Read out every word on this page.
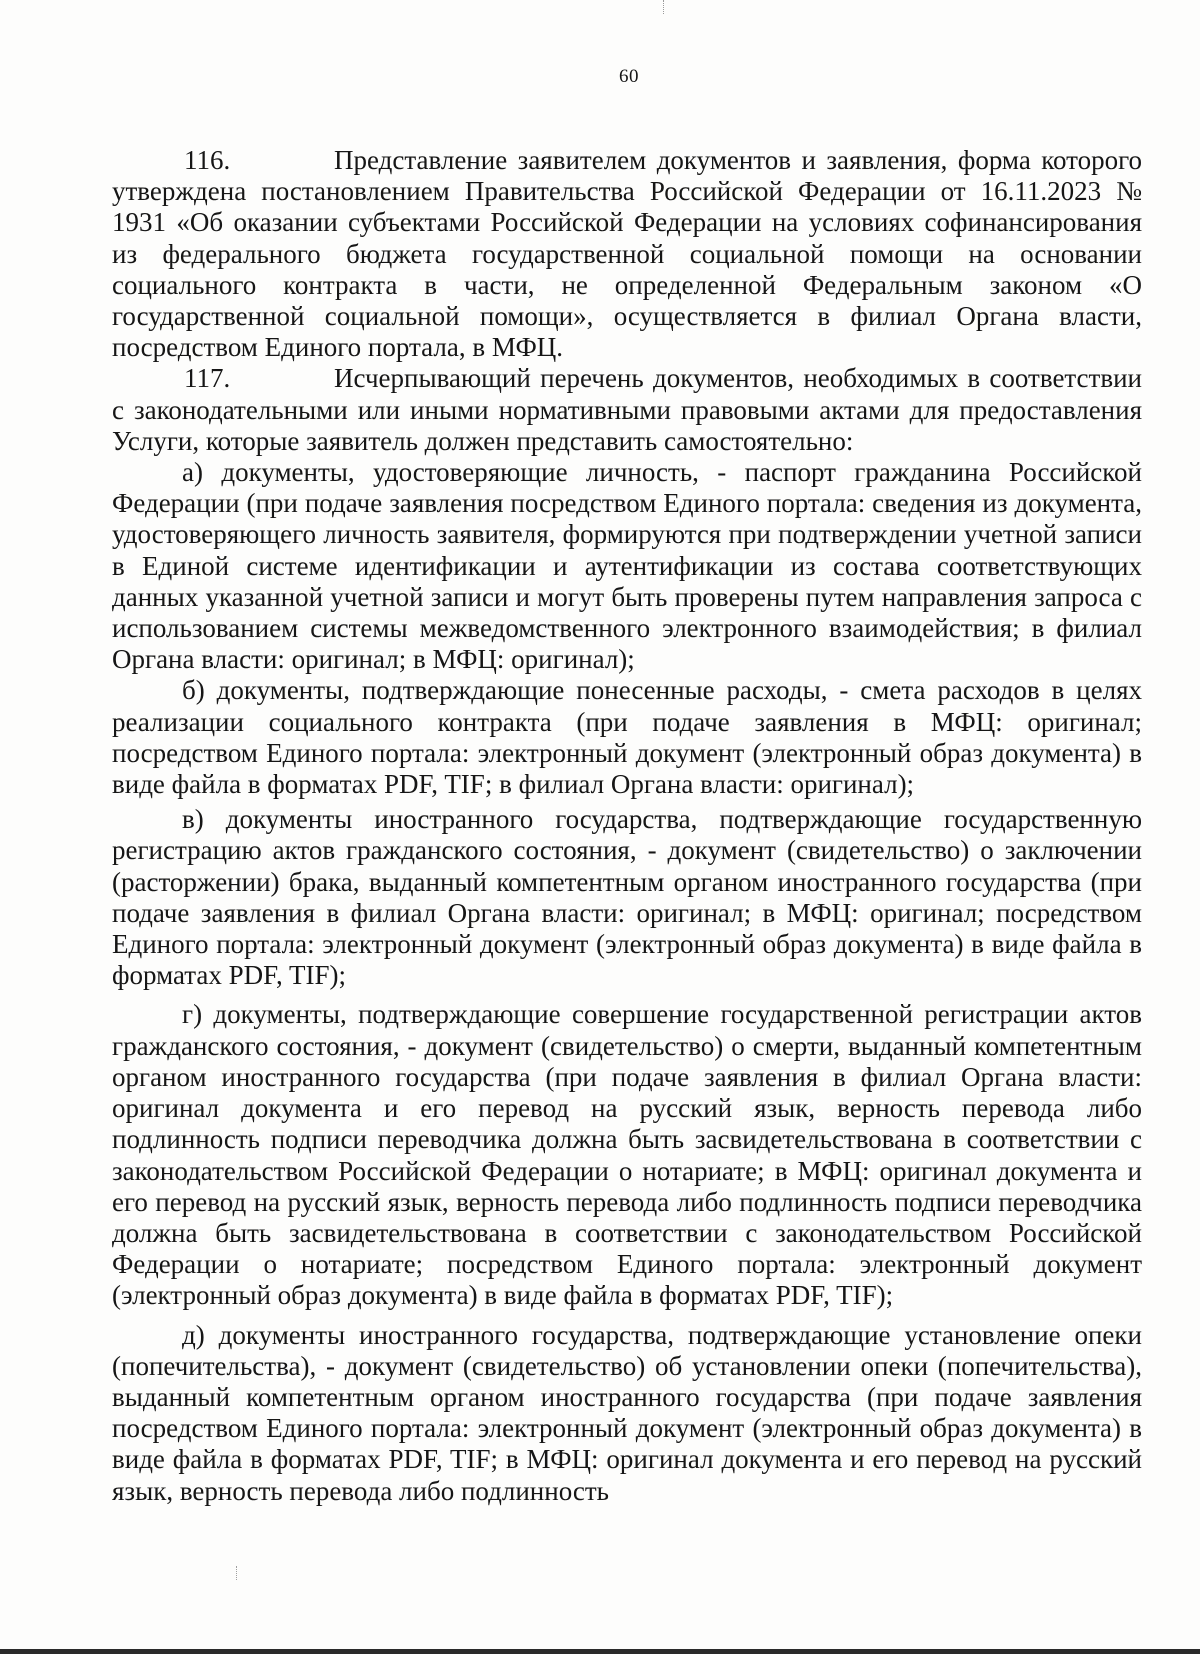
60

116.	Представление заявителем документов и заявления, форма которого утверждена постановлением Правительства Российской Федерации от 16.11.2023 № 1931 «Об оказании субъектами Российской Федерации на условиях софинансирования из федерального бюджета государственной социальной помощи на основании социального контракта в части, не определенной Федеральным законом «О государственной социальной помощи», осуществляется в филиал Органа власти, посредством Единого портала, в МФЦ.

117.	Исчерпывающий перечень документов, необходимых в соответствии с законодательными или иными нормативными правовыми актами для предоставления Услуги, которые заявитель должен представить самостоятельно:

а) документы, удостоверяющие личность, - паспорт гражданина Российской Федерации (при подаче заявления посредством Единого портала: сведения из документа, удостоверяющего личность заявителя, формируются при подтверждении учетной записи в Единой системе идентификации и аутентификации из состава соответствующих данных указанной учетной записи и могут быть проверены путем направления запроса с использованием системы межведомственного электронного взаимодействия; в филиал Органа власти: оригинал; в МФЦ: оригинал);

б) документы, подтверждающие понесенные расходы, - смета расходов в целях реализации социального контракта (при подаче заявления в МФЦ: оригинал; посредством Единого портала: электронный документ (электронный образ документа) в виде файла в форматах PDF, TIF; в филиал Органа власти: оригинал);

в) документы иностранного государства, подтверждающие государственную регистрацию актов гражданского состояния, - документ (свидетельство) о заключении (расторжении) брака, выданный компетентным органом иностранного государства (при подаче заявления в филиал Органа власти: оригинал; в МФЦ: оригинал; посредством Единого портала: электронный документ (электронный образ документа) в виде файла в форматах PDF, TIF);

г) документы, подтверждающие совершение государственной регистрации актов гражданского состояния, - документ (свидетельство) о смерти, выданный компетентным органом иностранного государства (при подаче заявления в филиал Органа власти: оригинал документа и его перевод на русский язык, верность перевода либо подлинность подписи переводчика должна быть засвидетельствована в соответствии с законодательством Российской Федерации о нотариате; в МФЦ: оригинал документа и его перевод на русский язык, верность перевода либо подлинность подписи переводчика должна быть засвидетельствована в соответствии с законодательством Российской Федерации о нотариате; посредством Единого портала: электронный документ (электронный образ документа) в виде файла в форматах PDF, TIF);

д) документы иностранного государства, подтверждающие установление опеки (попечительства), - документ (свидетельство) об установлении опеки (попечительства), выданный компетентным органом иностранного государства (при подаче заявления посредством Единого портала: электронный документ (электронный образ документа) в виде файла в форматах PDF, TIF; в МФЦ: оригинал документа и его перевод на русский язык, верность перевода либо подлинность
